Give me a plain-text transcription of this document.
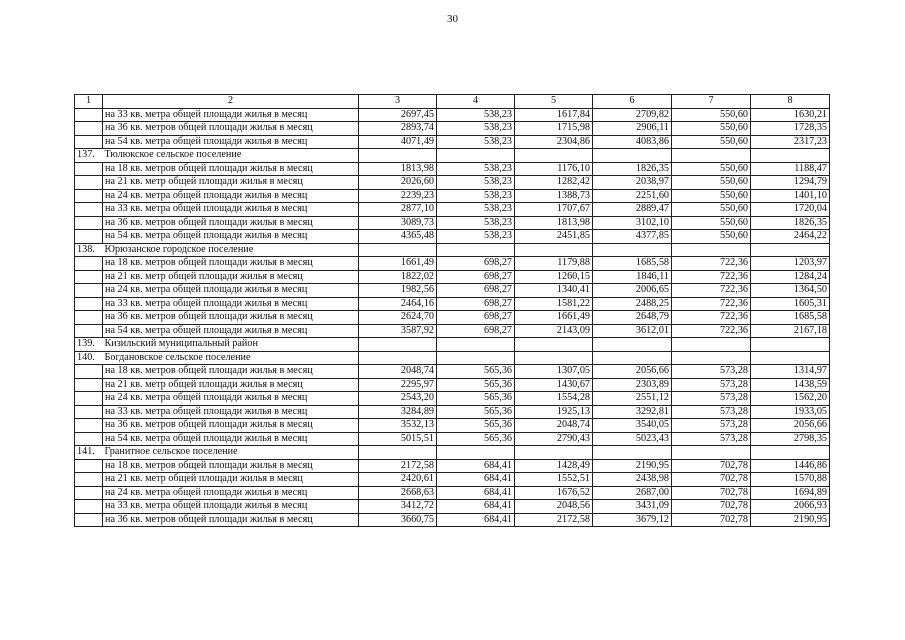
30
1	2	3	4	5	6	7	8
	на 33 кв. метра общей площади жилья в месяц	2697,45	538,23	1617,84	2709,82	550,60	1630,21
	на 36 кв. метров общей площади жилья в месяц	2893,74	538,23	1715,98	2906,11	550,60	1728,35
	на 54 кв. метра общей площади жилья в месяц	4071,49	538,23	2304,86	4083,86	550,60	2317,23
137.	Тюлюкское сельское поселение						
	на 18 кв. метров общей площади жилья в месяц	1813,98	538,23	1176,10	1826,35	550,60	1188,47
	на 21 кв. метр общей площади жилья в месяц	2026,60	538,23	1282,42	2038,97	550,60	1294,79
	на 24 кв. метра общей площади жилья в месяц	2239,23	538,23	1388,73	2251,60	550,60	1401,10
	на 33 кв. метра общей площади жилья в месяц	2877,10	538,23	1707,67	2889,47	550,60	1720,04
	на 36 кв. метров общей площади жилья в месяц	3089,73	538,23	1813,98	3102,10	550,60	1826,35
	на 54 кв. метра общей площади жилья в месяц	4365,48	538,23	2451,85	4377,85	550,60	2464,22
138.	Юрюзанское городское поселение						
	на 18 кв. метров общей площади жилья в месяц	1661,49	698,27	1179,88	1685,58	722,36	1203,97
	на 21 кв. метр общей площади жилья в месяц	1822,02	698,27	1260,15	1846,11	722,36	1284,24
	на 24 кв. метра общей площади жилья в месяц	1982,56	698,27	1340,41	2006,65	722,36	1364,50
	на 33 кв. метра общей площади жилья в месяц	2464,16	698,27	1581,22	2488,25	722,36	1605,31
	на 36 кв. метров общей площади жилья в месяц	2624,70	698,27	1661,49	2648,79	722,36	1685,58
	на 54 кв. метра общей площади жилья в месяц	3587,92	698,27	2143,09	3612,01	722,36	2167,18
139.	Кизильский муниципальный район						
140.	Богдановское сельское поселение						
	на 18 кв. метров общей площади жилья в месяц	2048,74	565,36	1307,05	2056,66	573,28	1314,97
	на 21 кв. метр общей площади жилья в месяц	2295,97	565,36	1430,67	2303,89	573,28	1438,59
	на 24 кв. метра общей площади жилья в месяц	2543,20	565,36	1554,28	2551,12	573,28	1562,20
	на 33 кв. метра общей площади жилья в месяц	3284,89	565,36	1925,13	3292,81	573,28	1933,05
	на 36 кв. метров общей площади жилья в месяц	3532,13	565,36	2048,74	3540,05	573,28	2056,66
	на 54 кв. метра общей площади жилья в месяц	5015,51	565,36	2790,43	5023,43	573,28	2798,35
141.	Гранитное сельское поселение						
	на 18 кв. метров общей площади жилья в месяц	2172,58	684,41	1428,49	2190,95	702,78	1446,86
	на 21 кв. метр общей площади жилья в месяц	2420,61	684,41	1552,51	2438,98	702,78	1570,88
	на 24 кв. метра общей площади жилья в месяц	2668,63	684,41	1676,52	2687,00	702,78	1694,89
	на 33 кв. метра общей площади жилья в месяц	3412,72	684,41	2048,56	3431,09	702,78	2066,93
	на 36 кв. метров общей площади жилья в месяц	3660,75	684,41	2172,58	3679,12	702,78	2190,95
